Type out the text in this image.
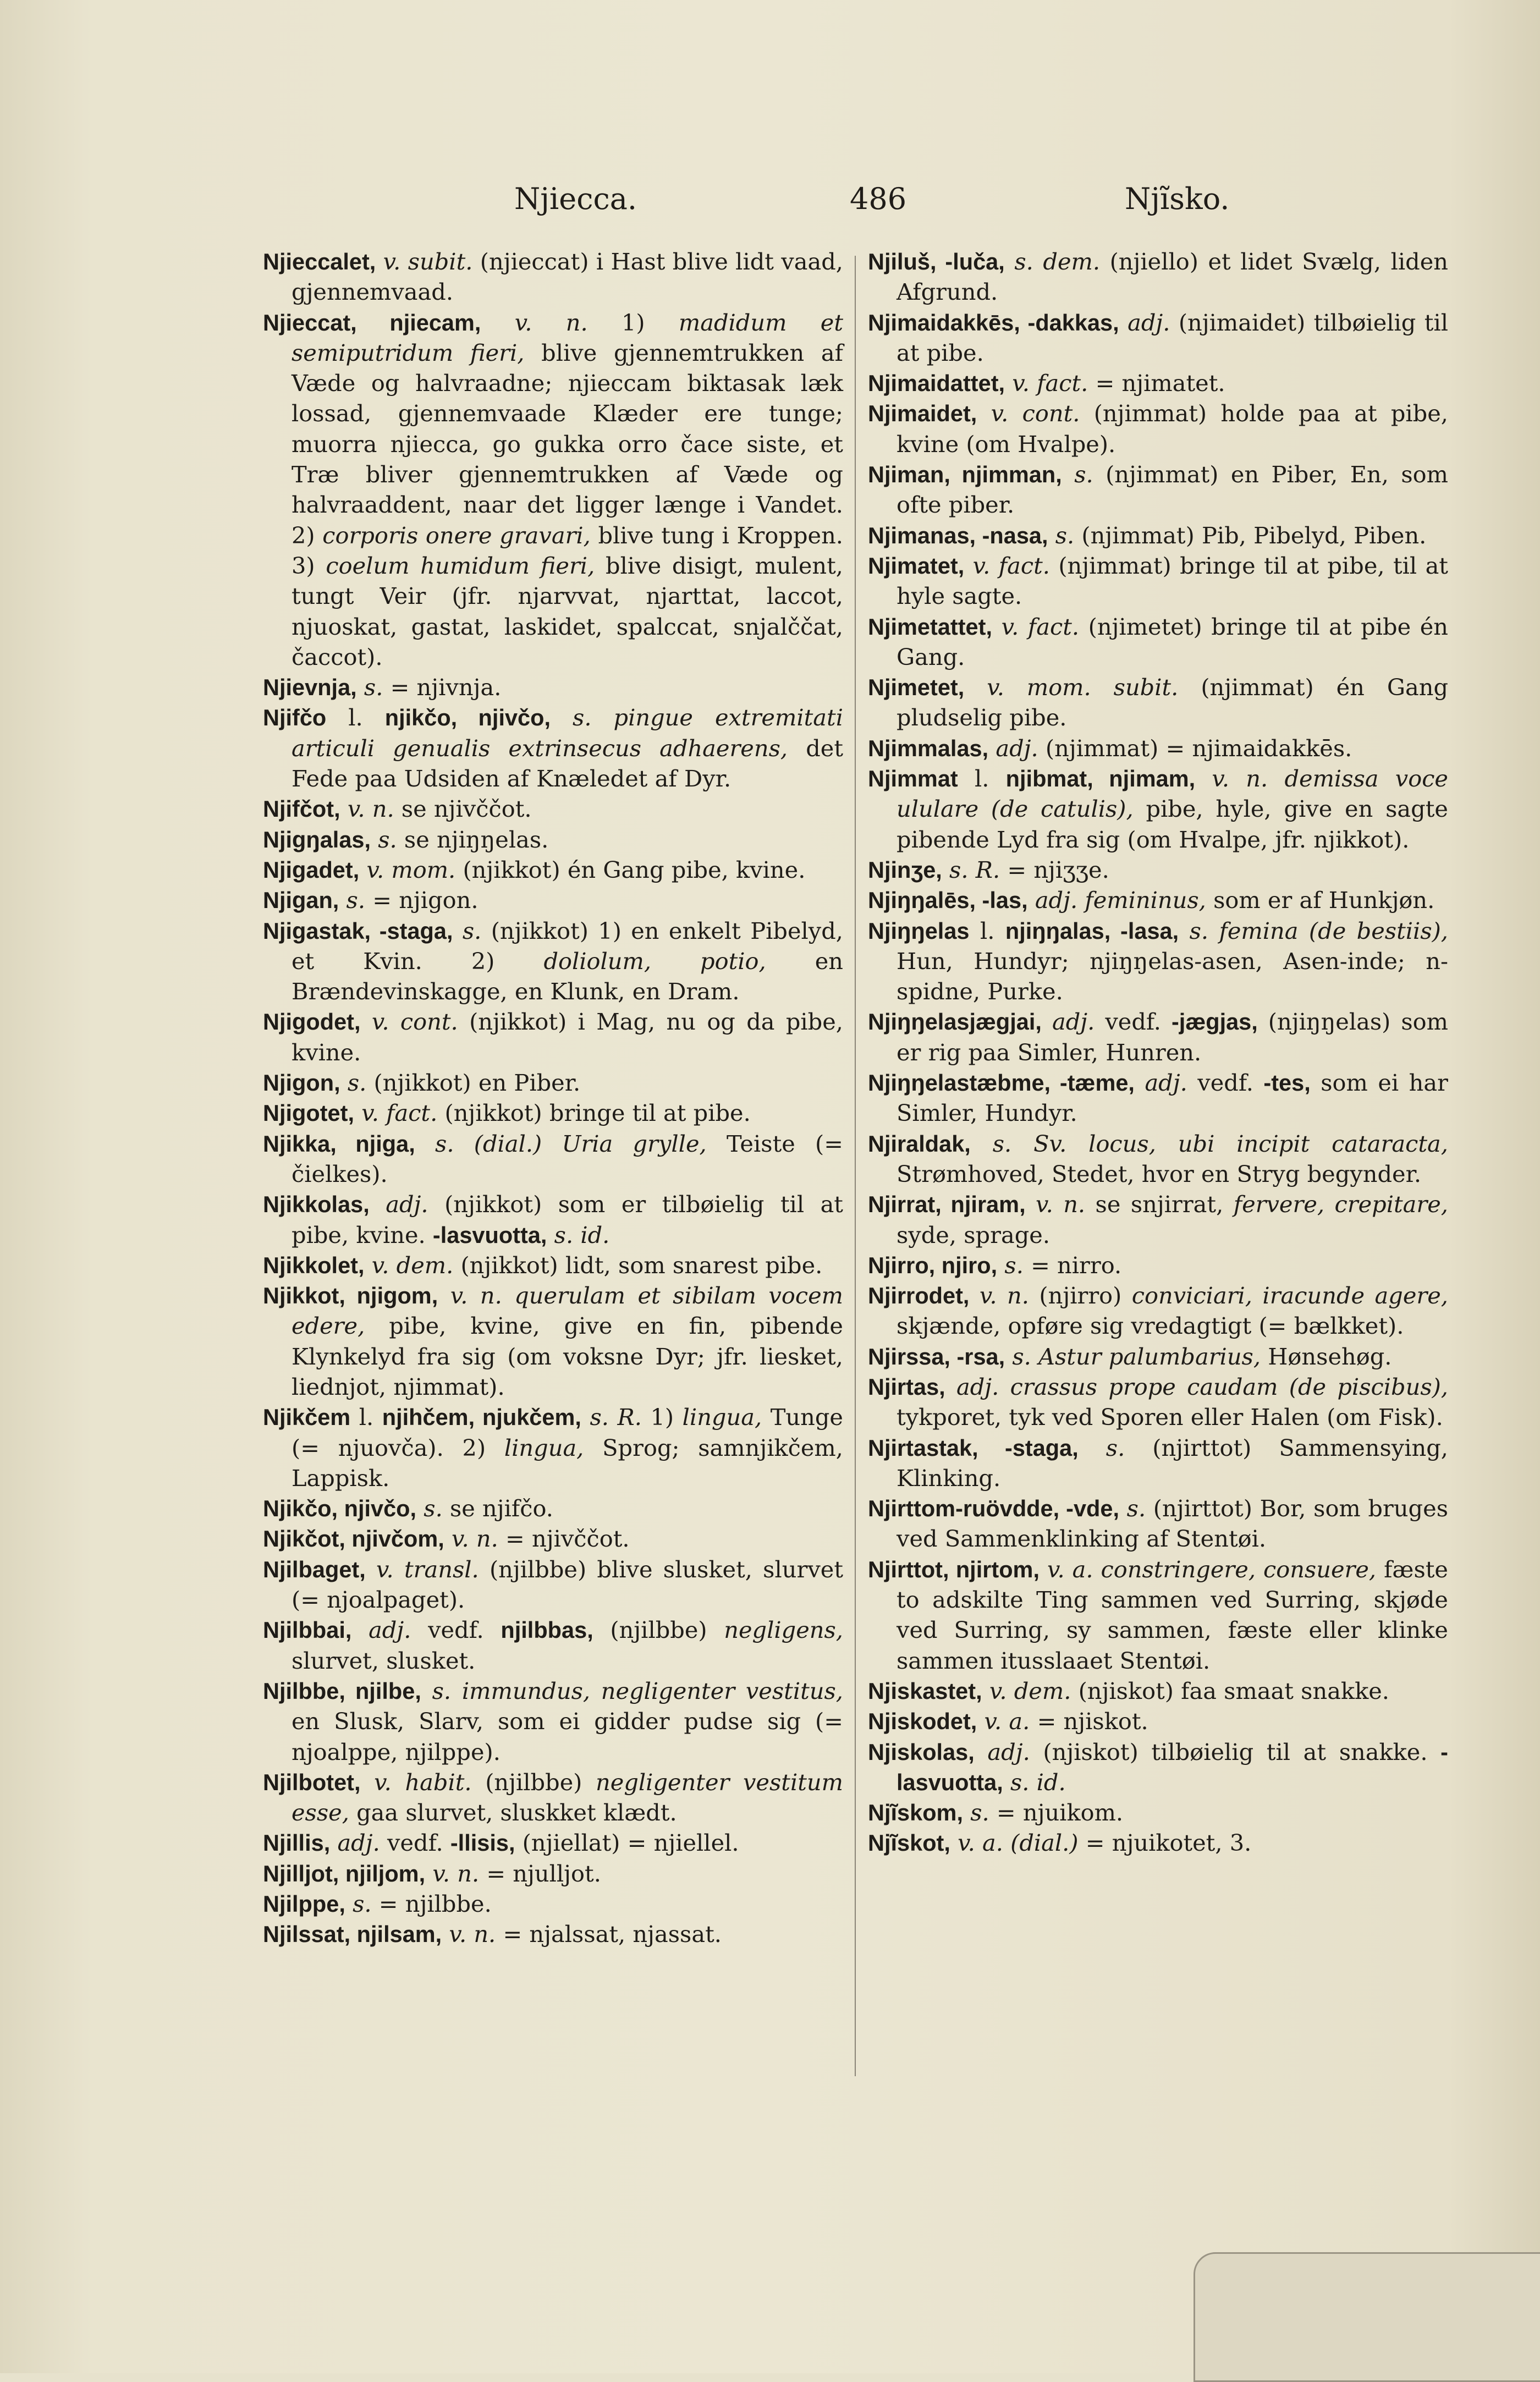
Njiecca.	486	Njĩsko.

Njieccalet, v. subit. (njieccat) i Hast blive lidt vaad, gjennemvaad.

Njieccat, njiecam, v. n. 1) madidum et semiputridum fieri, blive gjennemtrukken af Væde og halvraadne; njieccam biktasak læk lossad, gjennemvaade Klæder ere tunge; muorra njiecca, go gukka orro čace siste, et Træ bliver gjennemtrukken af Væde og halvraaddent, naar det ligger længe i Vandet. 2) corporis onere gravari, blive tung i Kroppen. 3) coelum humidum fieri, blive disigt, mulent, tungt Veir (jfr. njarvvat, njarttat, laccot, njuoskat, gastat, laskidet, spalccat, snjalččat, čaccot).

Njievnja, s. = njivnja.

Njifčo l. njikčo, njivčo, s. pingue extremitati articuli genualis extrinsecus adhaerens, det Fede paa Udsiden af Knæledet af Dyr.

Njifčot, v. n. se njivččot.

Njigŋalas, s. se njiŋŋelas.

Njigadet, v. mom. (njikkot) én Gang pibe, kvine.

Njigan, s. = njigon.

Njigastak, -staga, s. (njikkot) 1) en enkelt Pibelyd, et Kvin. 2) doliolum, potio, en Brændevinskagge, en Klunk, en Dram.

Njigodet, v. cont. (njikkot) i Mag, nu og da pibe, kvine.

Njigon, s. (njikkot) en Piber.

Njigotet, v. fact. (njikkot) bringe til at pibe.

Njikka, njiga, s. (dial.) Uria grylle, Teiste (= čielkes).

Njikkolas, adj. (njikkot) som er tilbøielig til at pibe, kvine. -lasvuotta, s. id.

Njikkolet, v. dem. (njikkot) lidt, som snarest pibe.

Njikkot, njigom, v. n. querulam et sibilam vocem edere, pibe, kvine, give en fin, pibende Klynkelyd fra sig (om voksne Dyr; jfr. liesket, liednjot, njimmat).

Njikčem l. njihčem, njukčem, s. R. 1) lingua, Tunge (= njuovča). 2) lingua, Sprog; samnjikčem, Lappisk.

Njikčo, njivčo, s. se njifčo.

Njikčot, njivčom, v. n. = njivččot.

Njilbaget, v. transl. (njilbbe) blive slusket, slurvet (= njoalpaget).

Njilbbai, adj. vedf. njilbbas, (njilbbe) negligens, slurvet, slusket.

Njilbbe, njilbe, s. immundus, negligenter vestitus, en Slusk, Slarv, som ei gidder pudse sig (= njoalppe, njilppe).

Njilbotet, v. habit. (njilbbe) negligenter vestitum esse, gaa slurvet, sluskket klædt.

Njillis, adj. vedf. -llisis, (njiellat) = njiellel.

Njilljot, njiljom, v. n. = njulljot.

Njilppe, s. = njilbbe.

Njilssat, njilsam, v. n. = njalssat, njassat.

Njiluš, -luča, s. dem. (njiello) et lidet Svælg, liden Afgrund.

Njimaidakkēs, -dakkas, adj. (njimaidet) tilbøielig til at pibe.

Njimaidattet, v. fact. = njimatet.

Njimaidet, v. cont. (njimmat) holde paa at pibe, kvine (om Hvalpe).

Njiman, njimman, s. (njimmat) en Piber, En, som ofte piber.

Njimanas, -nasa, s. (njimmat) Pib, Pibelyd, Piben.

Njimatet, v. fact. (njimmat) bringe til at pibe, til at hyle sagte.

Njimetattet, v. fact. (njimetet) bringe til at pibe én Gang.

Njimetet, v. mom. subit. (njimmat) én Gang pludselig pibe.

Njimmalas, adj. (njimmat) = njimaidakkēs.

Njimmat l. njibmat, njimam, v. n. demissa voce ululare (de catulis), pibe, hyle, give en sagte pibende Lyd fra sig (om Hvalpe, jfr. njikkot).

Njinʒe, s. R. = njiʒʒe.

Njiŋŋalēs, -las, adj. femininus, som er af Hunkjøn.

Njiŋŋelas l. njiŋŋalas, -lasa, s. femina (de bestiis), Hun, Hundyr; njiŋŋelas-asen, Asen-inde; n-spidne, Purke.

Njiŋŋelasjægjai, adj. vedf. -jægjas, (njiŋŋelas) som er rig paa Simler, Hunren.

Njiŋŋelastæbme, -tæme, adj. vedf. -tes, som ei har Simler, Hundyr.

Njiraldak, s. Sv. locus, ubi incipit cataracta, Strømhoved, Stedet, hvor en Stryg begynder.

Njirrat, njiram, v. n. se snjirrat, fervere, crepitare, syde, sprage.

Njirro, njiro, s. = nirro.

Njirrodet, v. n. (njirro) conviciari, iracunde agere, skjænde, opføre sig vredagtigt (= bælkket).

Njirssa, -rsa, s. Astur palumbarius, Hønsehøg.

Njirtas, adj. crassus prope caudam (de piscibus), tykporet, tyk ved Sporen eller Halen (om Fisk).

Njirtastak, -staga, s. (njirttot) Sammensying, Klinking.

Njirttom-ruövdde, -vde, s. (njirttot) Bor, som bruges ved Sammenklinking af Stentøi.

Njirttot, njirtom, v. a. constringere, consuere, fæste to adskilte Ting sammen ved Surring, skjøde ved Surring, sy sammen, fæste eller klinke sammen itusslaaet Stentøi.

Njiskastet, v. dem. (njiskot) faa smaat snakke.

Njiskodet, v. a. = njiskot.

Njiskolas, adj. (njiskot) tilbøielig til at snakke. -lasvuotta, s. id.

Njĩskom, s. = njuikom.

Njĩskot, v. a. (dial.) = njuikotet, 3.
